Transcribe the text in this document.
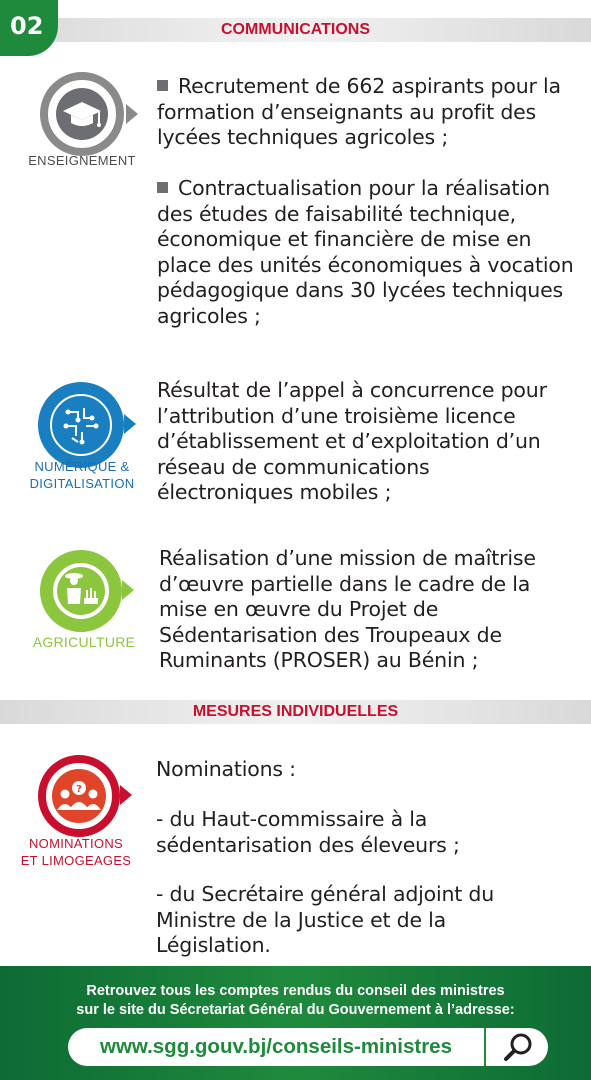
02	COMMUNICATIONS
ENSEIGNEMENT
Recrutement de 662 aspirants pour la formation d’enseignants au profit des lycées techniques agricoles ;
Contractualisation pour la réalisation des études de faisabilité technique, économique et financière de mise en place des unités économiques à vocation pédagogique dans 30 lycées techniques agricoles ;
NUMÉRIQUE &
DIGITALISATION
Résultat de l’appel à concurrence pour l’attribution d’une troisième licence d’établissement et d’exploitation d’un réseau de communications électroniques mobiles ;
AGRICULTURE
Réalisation d’une mission de maîtrise d’œuvre partielle dans le cadre de la mise en œuvre du Projet de Sédentarisation des Troupeaux de Ruminants (PROSER) au Bénin ;
MESURES INDIVIDUELLES
?
NOMINATIONS
ET LIMOGEAGES
Nominations :
- du Haut-commissaire à la sédentarisation des éleveurs ;
- du Secrétaire général adjoint du Ministre de la Justice et de la Législation.
Retrouvez tous les comptes rendus du conseil des ministres
sur le site du Sécretariat Général du Gouvernement à l’adresse:
www.sgg.gouv.bj/conseils-ministres
